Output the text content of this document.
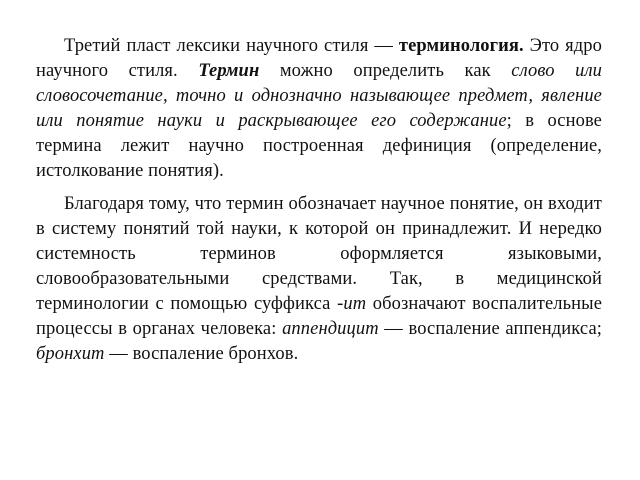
Третий пласт лексики научного стиля — терминология. Это ядро научного стиля. Термин можно определить как слово или словосочетание, точно и однозначно называющее предмет, явление или понятие науки и раскрывающее его содержание; в основе термина лежит научно построенная дефиниция (определение, истолкование понятия).

Благодаря тому, что термин обозначает научное понятие, он входит в систему понятий той науки, к которой он принадлежит. И нередко системность терминов оформляется языковыми, словообразовательными средствами. Так, в медицинской терминологии с помощью суффикса -ит обозначают воспалительные процессы в органах человека: аппендицит — воспаление аппендикса; бронхит — воспаление бронхов.
